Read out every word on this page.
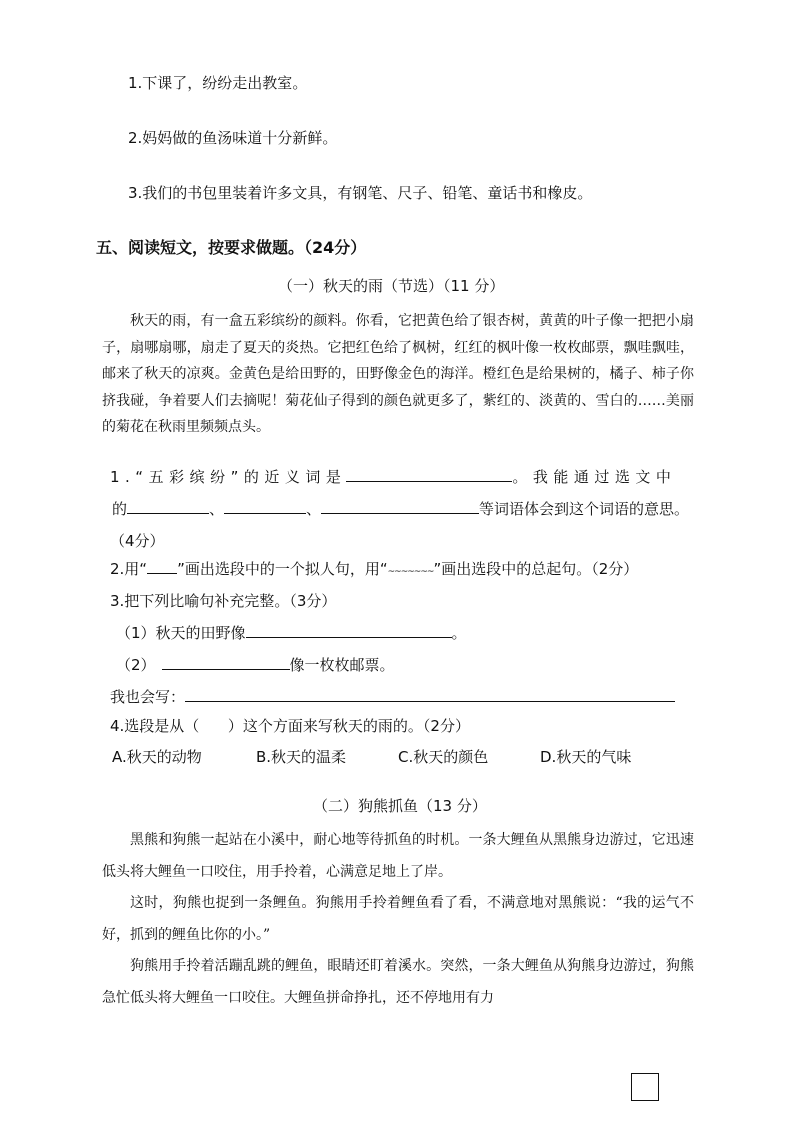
1.下课了，纷纷走出教室。
2.妈妈做的鱼汤味道十分新鲜。
3.我们的书包里装着许多文具，有钢笔、尺子、铅笔、童话书和橡皮。
五、阅读短文，按要求做题。（24分）
（一）秋天的雨（节选）（11 分）
秋天的雨，有一盒五彩缤纷的颜料。你看，它把黄色给了银杏树，黄黄的叶子像一把把小扇子，扇哪扇哪，扇走了夏天的炎热。它把红色给了枫树，红红的枫叶像一枚枚邮票，飘哇飘哇，邮来了秋天的凉爽。金黄色是给田野的，田野像金色的海洋。橙红色是给果树的，橘子、柿子你挤我碰，争着要人们去摘呢！菊花仙子得到的颜色就更多了，紫红的、淡黄的、雪白的……美丽的菊花在秋雨里频频点头。
1.“五彩缤纷”的近义词是	。我能通过选文中
的	、	、	等词语体会到这个词语的意思。
（4分）
2.用“ ”画出选段中的一个拟人句，用“~~~~~~~”画出选段中的总起句。（2分）
3.把下列比喻句补充完整。（3分）
（1）秋天的田野像	。
（2）	像一枚枚邮票。
我也会写：
4.选段是从（      ）这个方面来写秋天的雨的。（2分）
A.秋天的动物	B.秋天的温柔	C.秋天的颜色	D.秋天的气味
（二）狗熊抓鱼（13 分）
黑熊和狗熊一起站在小溪中，耐心地等待抓鱼的时机。一条大鲤鱼从黑熊身边游过，它迅速低头将大鲤鱼一口咬住，用手拎着，心满意足地上了岸。
这时，狗熊也捉到一条鲤鱼。狗熊用手拎着鲤鱼看了看，不满意地对黑熊说：“我的运气不好，抓到的鲤鱼比你的小。”
狗熊用手拎着活蹦乱跳的鲤鱼，眼睛还盯着溪水。突然，一条大鲤鱼从狗熊身边游过，狗熊急忙低头将大鲤鱼一口咬住。大鲤鱼拼命挣扎，还不停地用有力
